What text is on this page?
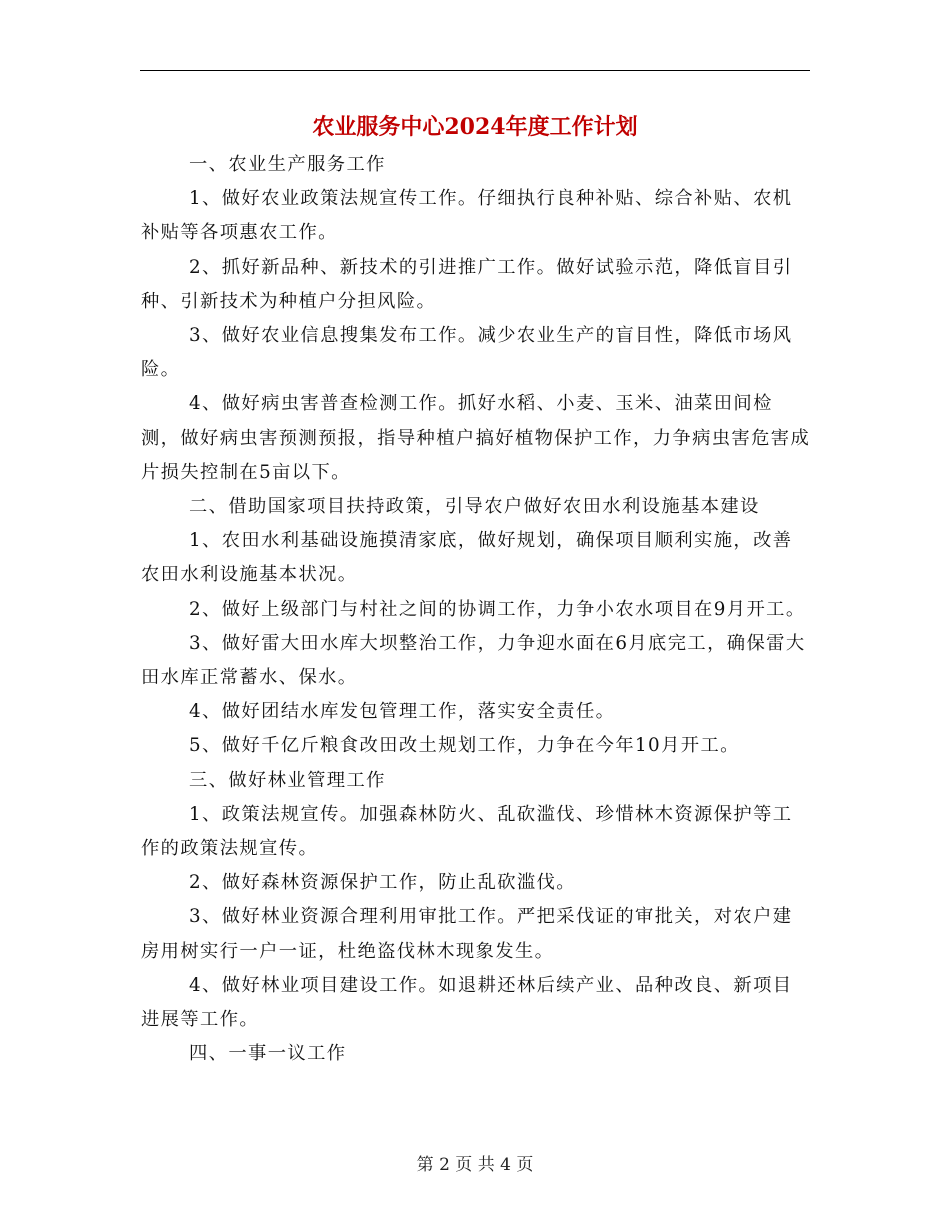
农业服务中心2024年度工作计划

一、农业生产服务工作

1、做好农业政策法规宣传工作。仔细执行良种补贴、综合补贴、农机补贴等各项惠农工作。

2、抓好新品种、新技术的引进推广工作。做好试验示范，降低盲目引种、引新技术为种植户分担风险。

3、做好农业信息搜集发布工作。减少农业生产的盲目性，降低市场风险。

4、做好病虫害普查检测工作。抓好水稻、小麦、玉米、油菜田间检测，做好病虫害预测预报，指导种植户搞好植物保护工作，力争病虫害危害成片损失控制在5亩以下。

二、借助国家项目扶持政策，引导农户做好农田水利设施基本建设

1、农田水利基础设施摸清家底，做好规划，确保项目顺利实施，改善农田水利设施基本状况。

2、做好上级部门与村社之间的协调工作，力争小农水项目在9月开工。

3、做好雷大田水库大坝整治工作，力争迎水面在6月底完工，确保雷大田水库正常蓄水、保水。

4、做好团结水库发包管理工作，落实安全责任。

5、做好千亿斤粮食改田改土规划工作，力争在今年10月开工。

三、做好林业管理工作

1、政策法规宣传。加强森林防火、乱砍滥伐、珍惜林木资源保护等工作的政策法规宣传。

2、做好森林资源保护工作，防止乱砍滥伐。

3、做好林业资源合理利用审批工作。严把采伐证的审批关，对农户建房用树实行一户一证，杜绝盗伐林木现象发生。

4、做好林业项目建设工作。如退耕还林后续产业、品种改良、新项目进展等工作。

四、一事一议工作

第 2 页 共 4 页
